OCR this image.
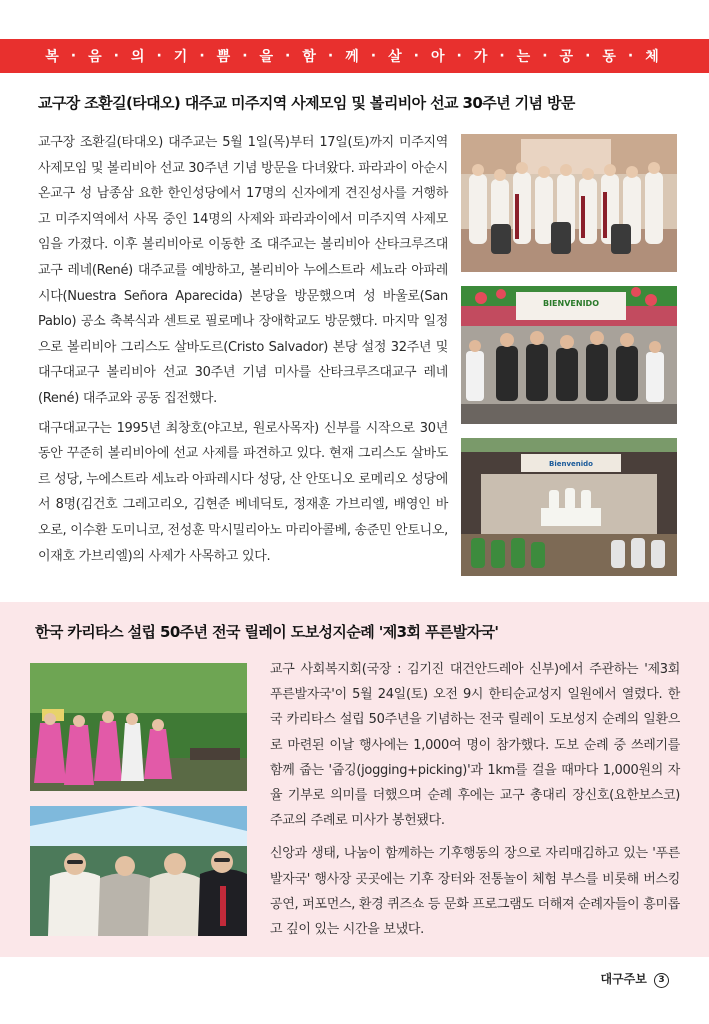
복 · 음 · 의 · 기 · 쁨 · 을 · 함 · 께 · 살 · 아 · 가 · 는 · 공 · 동 · 체
교구장 조환길(타대오) 대주교 미주지역 사제모임 및 볼리비아 선교 30주년 기념 방문

교구장 조환길(타대오) 대주교는 5월 1일(목)부터 17일(토)까지 미주지역 사제모임 및 볼리비아 선교 30주년 기념 방문을 다녀왔다. 파라과이 아순시온교구 성 남종삼 요한 한인성당에서 17명의 신자에게 견진성사를 거행하고 미주지역에서 사목 중인 14명의 사제와 파라과이에서 미주지역 사제모임을 가졌다. 이후 볼리비아로 이동한 조 대주교는 볼리비아 산타크루즈대교구 레네(René) 대주교를 예방하고, 볼리비아 누에스트라 세뇨라 아파레시다(Nuestra Señora Aparecida) 본당을 방문했으며 성 바울로(San Pablo) 공소 축복식과 센트로 필로메나 장애학교도 방문했다. 마지막 일정으로 볼리비아 그리스도 살바도르(Cristo Salvador) 본당 설정 32주년 및 대구대교구 볼리비아 선교 30주년 기념 미사를 산타크루즈대교구 레네(René) 대주교와 공동 집전했다.

대구대교구는 1995년 최창호(야고보, 원로사목자) 신부를 시작으로 30년 동안 꾸준히 볼리비아에 선교 사제를 파견하고 있다. 현재 그리스도 살바도르 성당, 누에스트라 세뇨라 아파레시다 성당, 산 안또니오 로메리오 성당에서 8명(김건호 그레고리오, 김현준 베네딕토, 정재훈 가브리엘, 배영인 바오로, 이수환 도미니코, 전성훈 막시밀리아노 마리아콜베, 송준민 안토니오, 이재호 가브리엘)의 사제가 사목하고 있다.

BIENVENIDO
Bienvenido
한국 카리타스 설립 50주년 전국 릴레이 도보성지순례 '제3회 푸른발자국'

교구 사회복지회(국장 : 김기진 대건안드레아 신부)에서 주관하는 '제3회 푸른발자국'이 5월 24일(토) 오전 9시 한티순교성지 일원에서 열렸다. 한국 카리타스 설립 50주년을 기념하는 전국 릴레이 도보성지 순례의 일환으로 마련된 이날 행사에는 1,000여 명이 참가했다. 도보 순례 중 쓰레기를 함께 줍는 '줍깅(jogging+picking)'과 1km를 걸을 때마다 1,000원의 자율 기부로 의미를 더했으며 순례 후에는 교구 총대리 장신호(요한보스코) 주교의 주례로 미사가 봉헌됐다.

신앙과 생태, 나눔이 함께하는 기후행동의 장으로 자리매김하고 있는 '푸른발자국' 행사장 곳곳에는 기후 장터와 전통놀이 체험 부스를 비롯해 버스킹 공연, 퍼포먼스, 환경 퀴즈쇼 등 문화 프로그램도 더해져 순례자들이 흥미롭고 깊이 있는 시간을 보냈다.

대구주보 3
